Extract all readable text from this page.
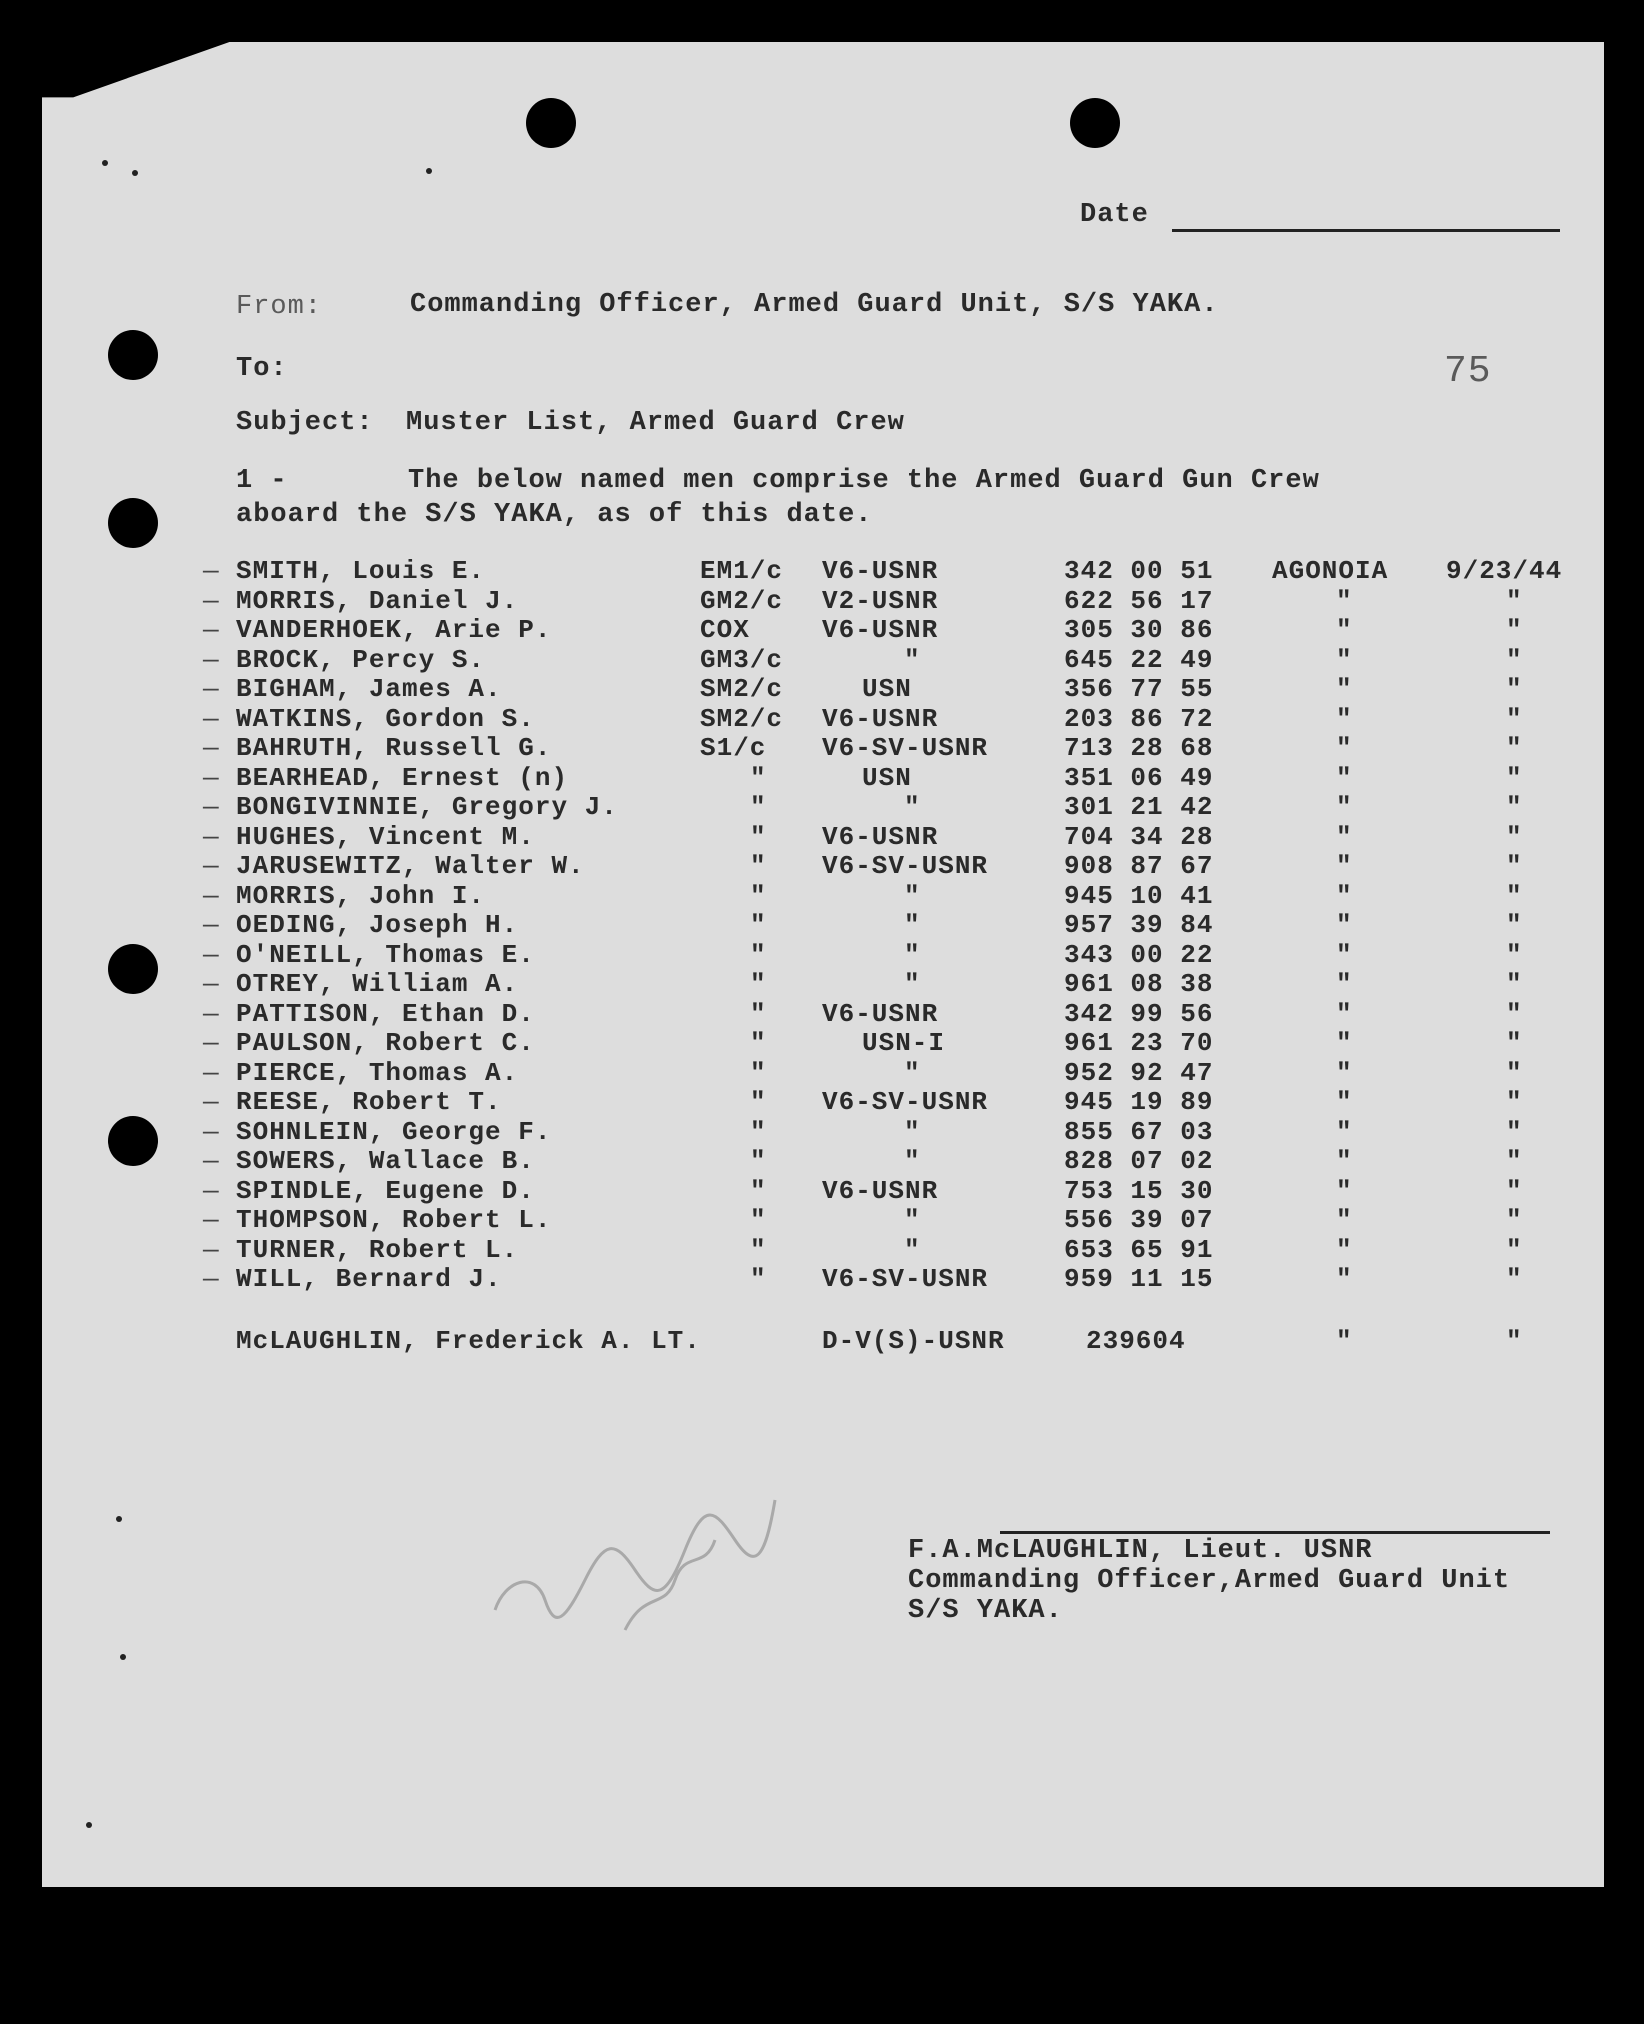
Date
From:	Commanding Officer, Armed Guard Unit, S/S YAKA.
To:	75
Subject: Muster List, Armed Guard Crew
1 -       The below named men comprise the Armed Guard Gun Crew
aboard the S/S YAKA, as of this date.
— SMITH, Louis E.	EM1/c V6-USNR	342 00 51 AGONOIA 9/23/44
— MORRIS, Daniel J.	GM2/c V2-USNR	622 56 17	"	"
— VANDERHOEK, Arie P.	COX	V6-USNR	305 30 86	"	"
— BROCK, Percy S.	GM3/c	"	645 22 49	"	"
— BIGHAM, James A.	SM2/c	USN	356 77 55	"	"
— WATKINS, Gordon S.	SM2/c V6-USNR	203 86 72	"	"
— BAHRUTH, Russell G.	S1/c V6-SV-USNR	713 28 68	"	"
— BEARHEAD, Ernest (n)	"	USN	351 06 49	"	"
— BONGIVINNIE, Gregory J.	"	"	301 21 42	"	"
— HUGHES, Vincent M.	" V6-USNR	704 34 28	"	"
— JARUSEWITZ, Walter W.	" V6-SV-USNR	908 87 67	"	"
— MORRIS, John I.	"	"	945 10 41	"	"
— OEDING, Joseph H.	"	"	957 39 84	"	"
— O'NEILL, Thomas E.	"	"	343 00 22	"	"
— OTREY, William A.	"	"	961 08 38	"	"
— PATTISON, Ethan D.	" V6-USNR	342 99 56	"	"
— PAULSON, Robert C.	"	USN-I	961 23 70	"	"
— PIERCE, Thomas A.	"	"	952 92 47	"	"
— REESE, Robert T.	" V6-SV-USNR	945 19 89	"	"
— SOHNLEIN, George F.	"	"	855 67 03	"	"
— SOWERS, Wallace B.	"	"	828 07 02	"	"
— SPINDLE, Eugene D.	" V6-USNR	753 15 30	"	"
— THOMPSON, Robert L.	"	"	556 39 07	"	"
— TURNER, Robert L.	"	"	653 65 91	"	"
— WILL, Bernard J.	" V6-SV-USNR	959 11 15	"	"
McLAUGHLIN, Frederick A. LT.	D-V(S)-USNR	239604	"	"
F.A.McLAUGHLIN, Lieut. USNR
Commanding Officer,Armed Guard Unit
S/S YAKA.
